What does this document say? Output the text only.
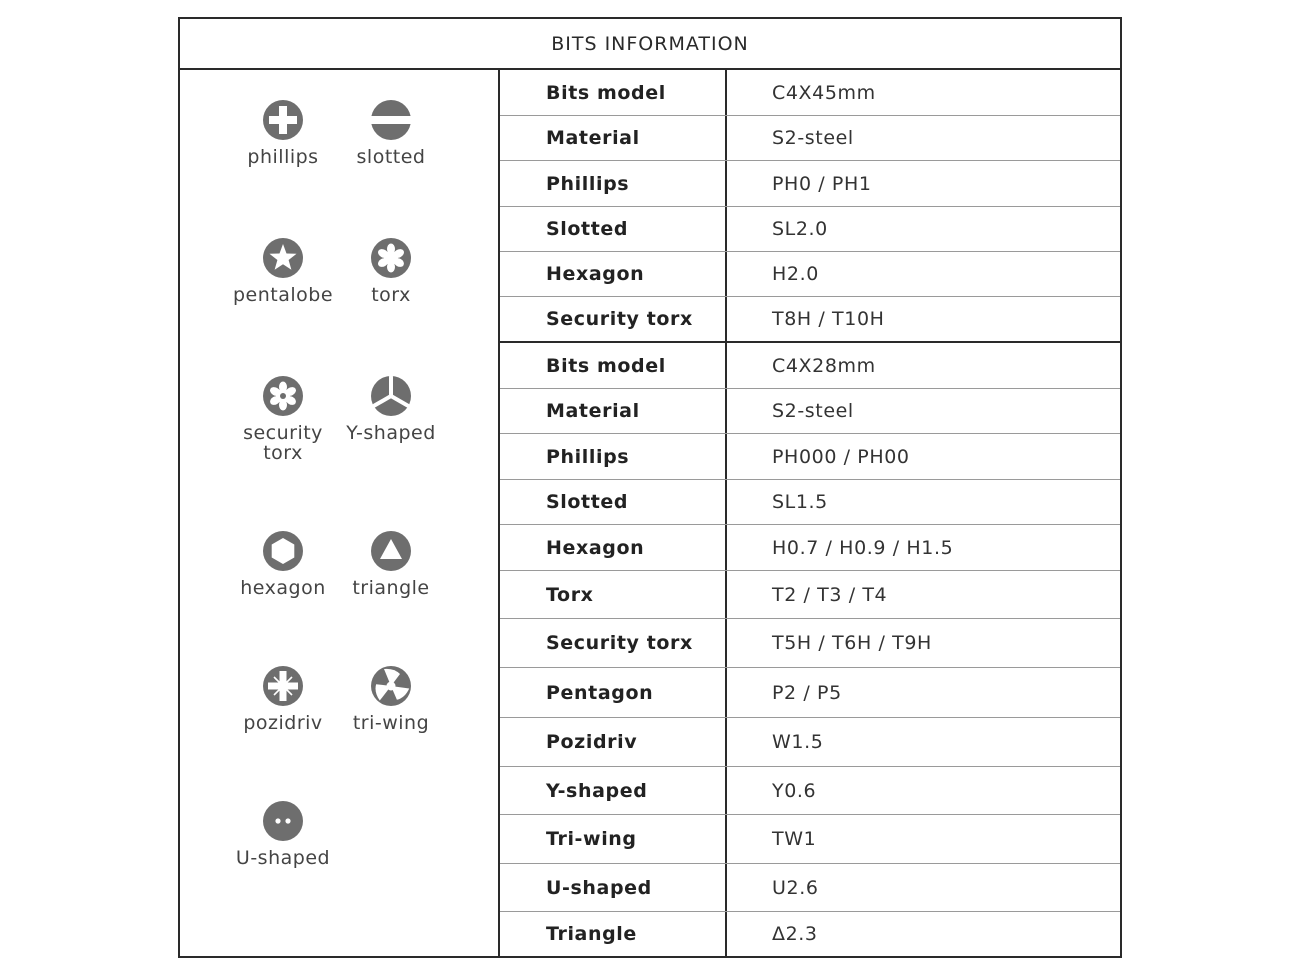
BITS INFORMATION
phillips	slotted
pentalobe	torx
security torx
Y-shaped
hexagon	triangle
pozidriv	tri-wing
U-shaped
Bits model	C4X45mm
Material	S2-steel
Phillips	PH0 / PH1
Slotted	SL2.0
Hexagon	H2.0
Security torx	T8H / T10H
Bits model	C4X28mm
Material	S2-steel
Phillips	PH000 / PH00
Slotted	SL1.5
Hexagon	H0.7 / H0.9 / H1.5
Torx	T2 / T3 / T4
Security torx	T5H / T6H / T9H
Pentagon	P2 / P5
Pozidriv	W1.5
Y-shaped	Y0.6
Tri-wing	TW1
U-shaped	U2.6
Triangle	Δ2.3
